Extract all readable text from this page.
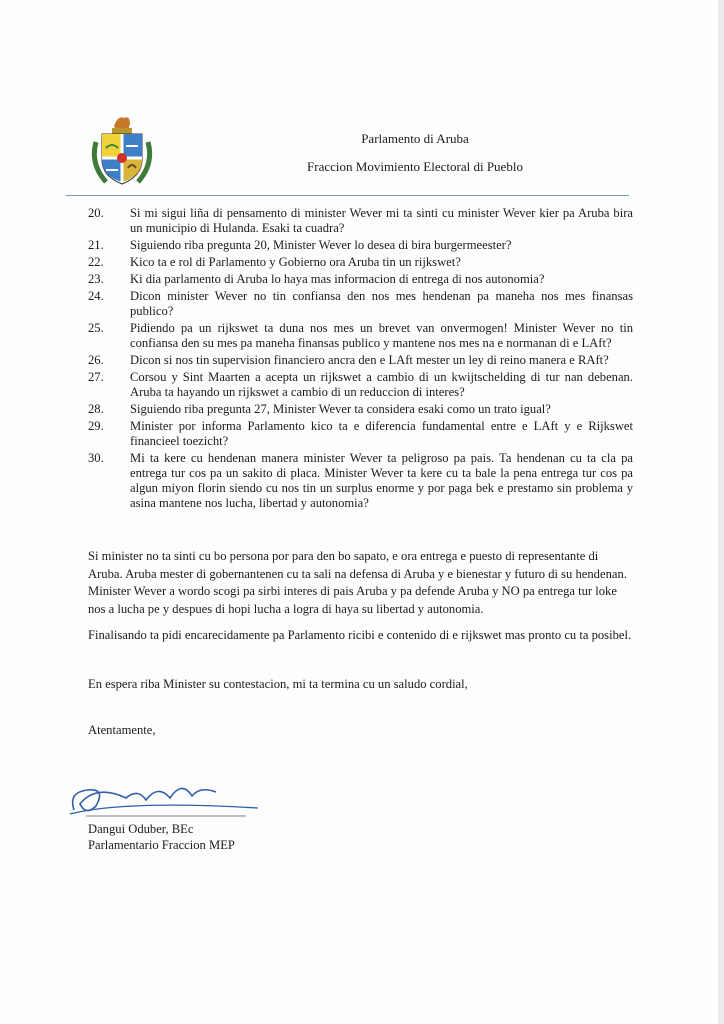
Parlamento di Aruba
Fraccion Movimiento Electoral di Pueblo
20.	Si mi sigui liña di pensamento di minister Wever mi ta sinti cu minister Wever kier pa Aruba bira un municipio di Hulanda. Esaki ta cuadra?
21.	Siguiendo riba pregunta 20, Minister Wever lo desea di bira burgermeester?
22.	Kico ta e rol di Parlamento y Gobierno ora Aruba tin un rijkswet?
23.	Ki dia parlamento di Aruba lo haya mas informacion di entrega di nos autonomia?
24.	Dicon minister Wever no tin confiansa den nos mes hendenan pa maneha nos mes finansas publico?
25.	Pidiendo pa un rijkswet ta duna nos mes un brevet van onvermogen! Minister Wever no tin confiansa den su mes pa maneha finansas publico y mantene nos mes na e normanan di e LAft?
26.	Dicon si nos tin supervision financiero ancra den e LAft mester un ley di reino manera e RAft?
27.	Corsou y Sint Maarten a acepta un rijkswet a cambio di un kwijtschelding di tur nan debenan. Aruba ta hayando un rijkswet a cambio di un reduccion di interes?
28.	Siguiendo riba pregunta 27, Minister Wever ta considera esaki como un trato igual?
29.	Minister por informa Parlamento kico ta e diferencia fundamental entre e LAft y e Rijkswet financieel toezicht?
30.	Mi ta kere cu hendenan manera minister Wever ta peligroso pa pais. Ta hendenan cu ta cla pa entrega tur cos pa un sakito di placa. Minister Wever ta kere cu ta bale la pena entrega tur cos pa algun miyon florin siendo cu nos tin un surplus enorme y por paga bek e prestamo sin problema y asina mantene nos lucha, libertad y autonomia?

Si minister no ta sinti cu bo persona por para den bo sapato, e ora entrega e puesto di representante di Aruba. Aruba mester di gobernantenen cu ta sali na defensa di Aruba y e bienestar y futuro di su hendenan. Minister Wever a wordo scogi pa sirbi interes di pais Aruba y pa defende Aruba y NO pa entrega tur loke nos a lucha pe y despues di hopi lucha a logra di haya su libertad y autonomia.

Finalisando ta pidi encarecidamente pa Parlamento ricibi e contenido di e rijkswet mas pronto cu ta posibel.

En espera riba Minister su contestacion, mi ta termina cu un saludo cordial,

Atentamente,
Dangui Oduber, BEc
Parlamentario Fraccion MEP
